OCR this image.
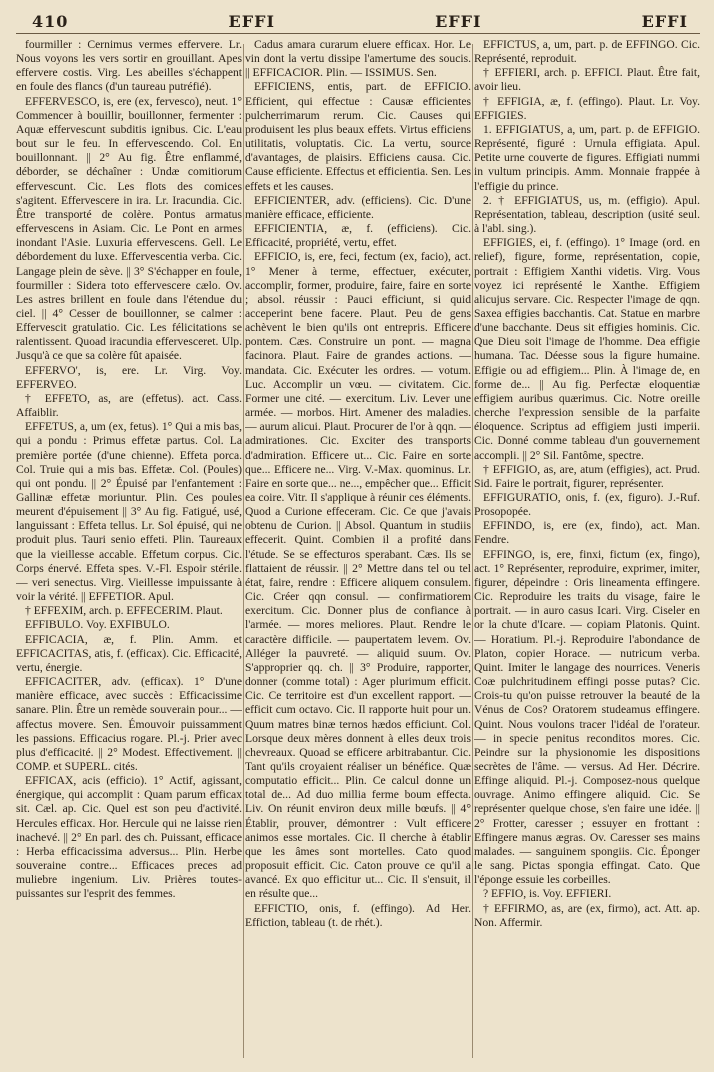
410	EFFI	EFFI	EFFI

fourmiller : Cernimus vermes effervere. Lr. Nous voyons les vers sortir en grouillant. Apes effervere costis. Virg. Les abeilles s'échappent en foule des flancs (d'un taureau putréfié).

EFFERVESCO, is, ere (ex, fervesco), neut. 1° Commencer à bouillir, bouillonner, fermenter : Aquæ effervescunt subditis ignibus. Cic. L'eau bout sur le feu. In effervescendo. Col. En bouillonnant. || 2° Au fig. Être enflammé, déborder, se déchaîner : Undæ comitiorum effervescunt. Cic. Les flots des comices s'agitent. Effervescere in ira. Lr. Iracundia. Cic. Être transporté de colère. Pontus armatus effervescens in Asiam. Cic. Le Pont en armes inondant l'Asie. Luxuria effervescens. Gell. Le débordement du luxe. Effervescentia verba. Cic. Langage plein de sève. || 3° S'échapper en foule, fourmiller : Sidera toto effervescere cælo. Ov. Les astres brillent en foule dans l'étendue du ciel. || 4° Cesser de bouillonner, se calmer : Effervescit gratulatio. Cic. Les félicitations se ralentissent. Quoad iracundia effervesceret. Ulp. Jusqu'à ce que sa colère fût apaisée.

EFFERVO', is, ere. Lr. Virg. Voy. EFFERVEO.

† EFFETO, as, are (effetus). act. Cass. Affaiblir.

EFFETUS, a, um (ex, fetus). 1° Qui a mis bas, qui a pondu : Primus effetæ partus. Col. La première portée (d'une chienne). Effeta porca. Col. Truie qui a mis bas. Effetæ. Col. (Poules) qui ont pondu. || 2° Épuisé par l'enfantement : Gallinæ effetæ moriuntur. Plin. Ces poules meurent d'épuisement || 3° Au fig. Fatigué, usé, languissant : Effeta tellus. Lr. Sol épuisé, qui ne produit plus. Tauri senio effeti. Plin. Taureaux que la vieillesse accable. Effetum corpus. Cic. Corps énervé. Effeta spes. V.-Fl. Espoir stérile. — veri senectus. Virg. Vieillesse impuissante à voir la vérité. || EFFETIOR. Apul.

† EFFEXIM, arch. p. EFFECERIM. Plaut.

EFFIBULO. Voy. EXFIBULO.

EFFICACIA, æ, f. Plin. Amm. et EFFICACITAS, atis, f. (efficax). Cic. Efficacité, vertu, énergie.

EFFICACITER, adv. (efficax). 1° D'une manière efficace, avec succès : Efficacissime sanare. Plin. Être un remède souverain pour... — affectus movere. Sen. Émouvoir puissamment les passions. Efficacius rogare. Pl.-j. Prier avec plus d'efficacité. || 2° Modest. Effectivement. || COMP. et SUPERL. cités.

EFFICAX, acis (efficio). 1° Actif, agissant, énergique, qui accomplit : Quam parum efficax sit. Cæl. ap. Cic. Quel est son peu d'activité. Hercules efficax. Hor. Hercule qui ne laisse rien inachevé. || 2° En parl. des ch. Puissant, efficace : Herba efficacissima adversus... Plin. Herbe souveraine contre... Efficaces preces ad muliebre ingenium. Liv. Prières toutes-puissantes sur l'esprit des femmes.

Cadus amara curarum eluere efficax. Hor. Le vin dont la vertu dissipe l'amertume des soucis. || EFFICACIOR. Plin. — ISSIMUS. Sen.

EFFICIENS, entis, part. de EFFICIO. Efficient, qui effectue : Causæ efficientes pulcherrimarum rerum. Cic. Causes qui produisent les plus beaux effets. Virtus efficiens utilitatis, voluptatis. Cic. La vertu, source d'avantages, de plaisirs. Efficiens causa. Cic. Cause efficiente. Effectus et efficientia. Sen. Les effets et les causes.

EFFICIENTER, adv. (efficiens). Cic. D'une manière efficace, efficiente.

EFFICIENTIA, æ, f. (efficiens). Cic. Efficacité, propriété, vertu, effet.

EFFICIO, is, ere, feci, fectum (ex, facio), act. 1° Mener à terme, effectuer, exécuter, accomplir, former, produire, faire, faire en sorte ; absol. réussir : Pauci efficiunt, si quid acceperint bene facere. Plaut. Peu de gens achèvent le bien qu'ils ont entrepris. Efficere pontem. Cæs. Construire un pont. — magna facinora. Plaut. Faire de grandes actions. — mandata. Cic. Exécuter les ordres. — votum. Luc. Accomplir un vœu. — civitatem. Cic. Former une cité. — exercitum. Liv. Lever une armée. — morbos. Hirt. Amener des maladies. — aurum alicui. Plaut. Procurer de l'or à qqn. — admirationes. Cic. Exciter des transports d'admiration. Efficere ut... Cic. Faire en sorte que... Efficere ne... Virg. V.-Max. quominus. Lr. Faire en sorte que... ne..., empêcher que... Efficit ea coire. Vitr. Il s'applique à réunir ces éléments. Quod a Curione effeceram. Cic. Ce que j'avais obtenu de Curion. || Absol. Quantum in studiis effecerit. Quint. Combien il a profité dans l'étude. Se se effecturos sperabant. Cæs. Ils se flattaient de réussir. || 2° Mettre dans tel ou tel état, faire, rendre : Efficere aliquem consulem. Cic. Créer qqn consul. — confirmatiorem exercitum. Cic. Donner plus de confiance à l'armée. — mores meliores. Plaut. Rendre le caractère difficile. — paupertatem levem. Ov. Alléger la pauvreté. — aliquid suum. Ov. S'approprier qq. ch. || 3° Produire, rapporter, donner (comme total) : Ager plurimum efficit. Cic. Ce territoire est d'un excellent rapport. — efficit cum octavo. Cic. Il rapporte huit pour un. Quum matres binæ ternos hædos efficiunt. Col. Lorsque deux mères donnent à elles deux trois chevreaux. Quoad se efficere arbitrabantur. Cic. Tant qu'ils croyaient réaliser un bénéfice. Quæ computatio efficit... Plin. Ce calcul donne un total de... Ad duo millia ferme boum effecta. Liv. On réunit environ deux mille bœufs. || 4° Établir, prouver, démontrer : Vult efficere animos esse mortales. Cic. Il cherche à établir que les âmes sont mortelles. Cato quod proposuit efficit. Cic. Caton prouve ce qu'il a avancé. Ex quo efficitur ut... Cic. Il s'ensuit, il en résulte que...

EFFICTIO, onis, f. (effingo). Ad Her. Effiction, tableau (t. de rhét.).

EFFICTUS, a, um, part. p. de EFFINGO. Cic. Représenté, reproduit.

† EFFIERI, arch. p. EFFICI. Plaut. Être fait, avoir lieu.

† EFFIGIA, æ, f. (effingo). Plaut. Lr. Voy. EFFIGIES.

1. EFFIGIATUS, a, um, part. p. de EFFIGIO. Représenté, figuré : Urnula effigiata. Apul. Petite urne couverte de figures. Effigiati nummi in vultum principis. Amm. Monnaie frappée à l'effigie du prince.

2. † EFFIGIATUS, us, m. (effigio). Apul. Représentation, tableau, description (usité seul. à l'abl. sing.).

EFFIGIES, ei, f. (effingo). 1° Image (ord. en relief), figure, forme, représentation, copie, portrait : Effigiem Xanthi videtis. Virg. Vous voyez ici représenté le Xanthe. Effigiem alicujus servare. Cic. Respecter l'image de qqn. Saxea effigies bacchantis. Cat. Statue en marbre d'une bacchante. Deus sit effigies hominis. Cic. Que Dieu soit l'image de l'homme. Dea effigie humana. Tac. Déesse sous la figure humaine. Effigie ou ad effigiem... Plin. À l'image de, en forme de... || Au fig. Perfectæ eloquentiæ effigiem auribus quærimus. Cic. Notre oreille cherche l'expression sensible de la parfaite éloquence. Scriptus ad effigiem justi imperii. Cic. Donné comme tableau d'un gouvernement accompli. || 2° Sil. Fantôme, spectre.

† EFFIGIO, as, are, atum (effigies), act. Prud. Sid. Faire le portrait, figurer, représenter.

EFFIGURATIO, onis, f. (ex, figuro). J.-Ruf. Prosopopée.

EFFINDO, is, ere (ex, findo), act. Man. Fendre.

EFFINGO, is, ere, finxi, fictum (ex, fingo), act. 1° Représenter, reproduire, exprimer, imiter, figurer, dépeindre : Oris lineamenta effingere. Cic. Reproduire les traits du visage, faire le portrait. — in auro casus Icari. Virg. Ciseler en or la chute d'Icare. — copiam Platonis. Quint. — Horatium. Pl.-j. Reproduire l'abondance de Platon, copier Horace. — nutricum verba. Quint. Imiter le langage des nourrices. Veneris Coæ pulchritudinem effingi posse putas? Cic. Crois-tu qu'on puisse retrouver la beauté de la Vénus de Cos? Oratorem studeamus effingere. Quint. Nous voulons tracer l'idéal de l'orateur. — in specie penitus reconditos mores. Cic. Peindre sur la physionomie les dispositions secrètes de l'âme. — versus. Ad Her. Décrire. Effinge aliquid. Pl.-j. Composez-nous quelque ouvrage. Animo effingere aliquid. Cic. Se représenter quelque chose, s'en faire une idée. || 2° Frotter, caresser ; essuyer en frottant : Effingere manus ægras. Ov. Caresser ses mains malades. — sanguinem spongiis. Cic. Éponger le sang. Pictas spongia effingat. Cato. Que l'éponge essuie les corbeilles.

? EFFIO, is. Voy. EFFIERI.

† EFFIRMO, as, are (ex, firmo), act. Att. ap. Non. Affermir.
